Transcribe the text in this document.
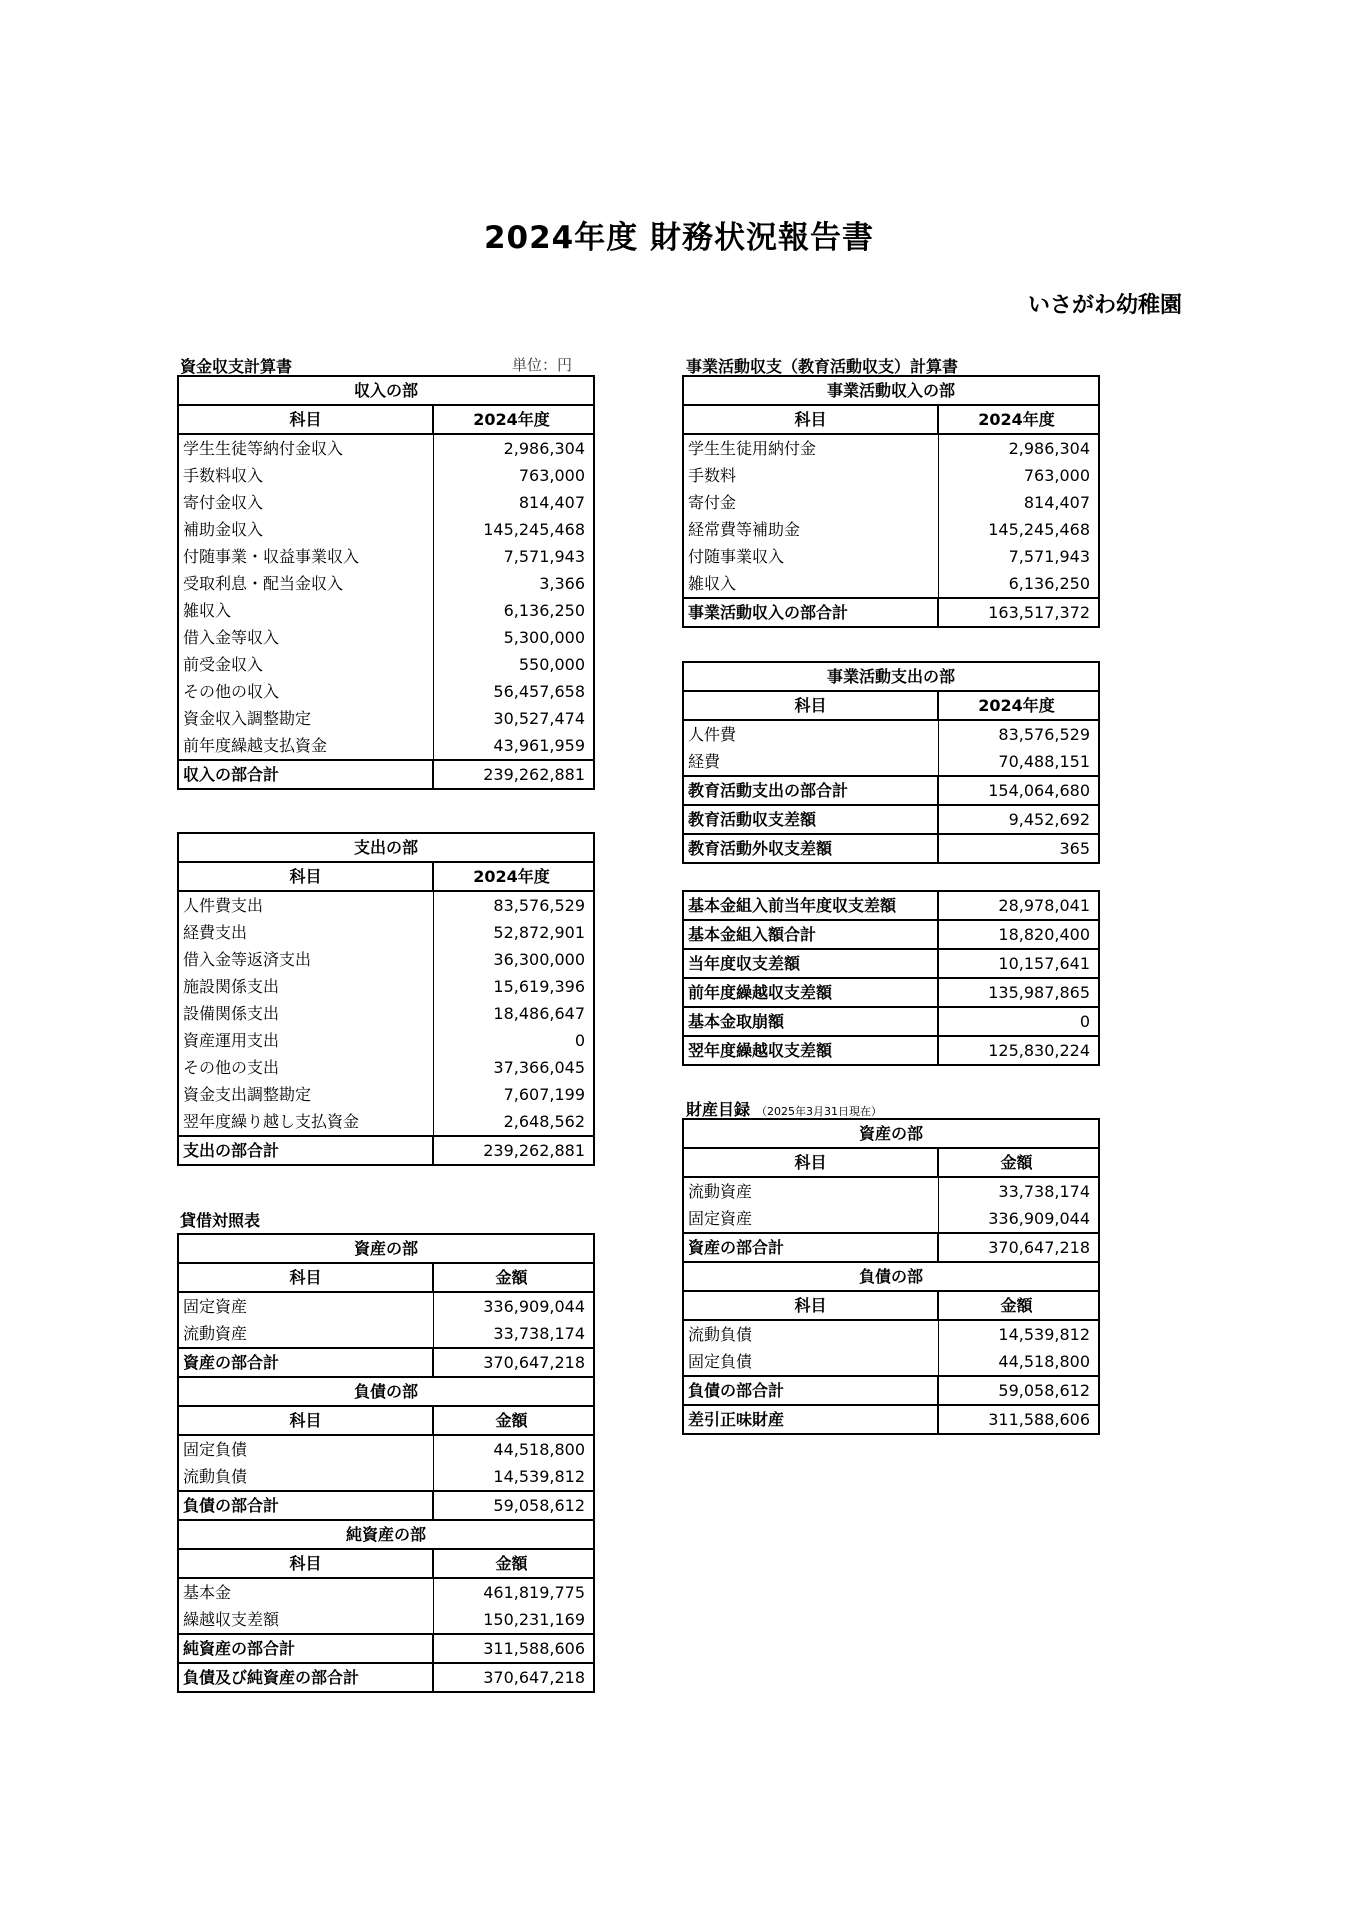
2024年度 財務状況報告書
いさがわ幼稚園
資金収支計算書	単位：円
収入の部	
科目	2024年度
学生生徒等納付金収入	2,986,304
手数料収入	763,000
寄付金収入	814,407
補助金収入	145,245,468
付随事業・収益事業収入	7,571,943
受取利息・配当金収入	3,366
雑収入	6,136,250
借入金等収入	5,300,000
前受金収入	550,000
その他の収入	56,457,658
資金収入調整勘定	30,527,474
前年度繰越支払資金	43,961,959
収入の部合計	239,262,881
支出の部	
科目	2024年度
人件費支出	83,576,529
経費支出	52,872,901
借入金等返済支出	36,300,000
施設関係支出	15,619,396
設備関係支出	18,486,647
資産運用支出	0
その他の支出	37,366,045
資金支出調整勘定	7,607,199
翌年度繰り越し支払資金	2,648,562
支出の部合計	239,262,881
貸借対照表
資産の部	
科目	金額
固定資産	336,909,044
流動資産	33,738,174
資産の部合計	370,647,218
負債の部	
科目	金額
固定負債	44,518,800
流動負債	14,539,812
負債の部合計	59,058,612
純資産の部	
科目	金額
基本金	461,819,775
繰越収支差額	150,231,169
純資産の部合計	311,588,606
負債及び純資産の部合計	370,647,218
事業活動収支（教育活動収支）計算書
事業活動収入の部	
科目	2024年度
学生生徒用納付金	2,986,304
手数料	763,000
寄付金	814,407
経常費等補助金	145,245,468
付随事業収入	7,571,943
雑収入	6,136,250
事業活動収入の部合計	163,517,372
事業活動支出の部	
科目	2024年度
人件費	83,576,529
経費	70,488,151
教育活動支出の部合計	154,064,680
教育活動収支差額	9,452,692
教育活動外収支差額	365
基本金組入前当年度収支差額	28,978,041
基本金組入額合計	18,820,400
当年度収支差額	10,157,641
前年度繰越収支差額	135,987,865
基本金取崩額	0
翌年度繰越収支差額	125,830,224
財産目録 （2025年3月31日現在）
資産の部	
科目	金額
流動資産	33,738,174
固定資産	336,909,044
資産の部合計	370,647,218
負債の部	
科目	金額
流動負債	14,539,812
固定負債	44,518,800
負債の部合計	59,058,612
差引正味財産	311,588,606
